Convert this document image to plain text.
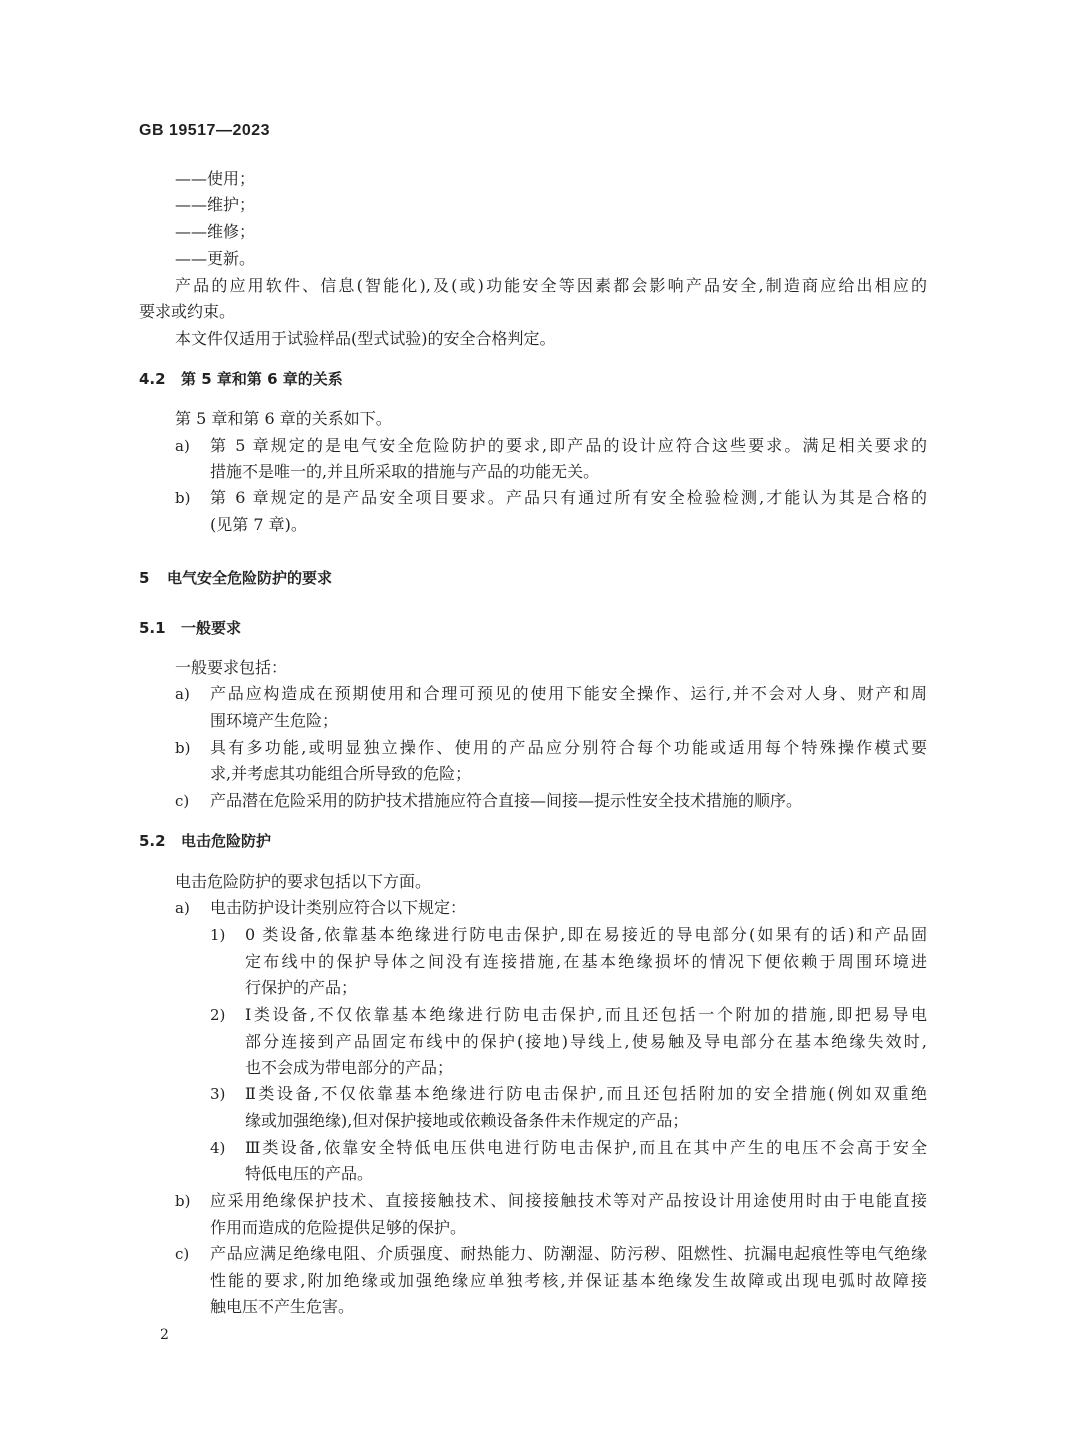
GB 19517—2023
——使用；
——维护；
——维修；
——更新。
产品的应用软件、信息(智能化),及(或)功能安全等因素都会影响产品安全,制造商应给出相应的
要求或约束。
本文件仅适用于试验样品(型式试验)的安全合格判定。
4.2 第 5 章和第 6 章的关系
第 5 章和第 6 章的关系如下。
a) 第 5 章规定的是电气安全危险防护的要求,即产品的设计应符合这些要求。满足相关要求的
措施不是唯一的,并且所采取的措施与产品的功能无关。
b) 第 6 章规定的是产品安全项目要求。产品只有通过所有安全检验检测,才能认为其是合格的
(见第 7 章)。
5 电气安全危险防护的要求
5.1 一般要求
一般要求包括：
a) 产品应构造成在预期使用和合理可预见的使用下能安全操作、运行,并不会对人身、财产和周
围环境产生危险；
b) 具有多功能,或明显独立操作、使用的产品应分别符合每个功能或适用每个特殊操作模式要
求,并考虑其功能组合所导致的危险；
c) 产品潜在危险采用的防护技术措施应符合直接—间接—提示性安全技术措施的顺序。
5.2 电击危险防护
电击危险防护的要求包括以下方面。
a) 电击防护设计类别应符合以下规定：
1) 0 类设备,依靠基本绝缘进行防电击保护,即在易接近的导电部分(如果有的话)和产品固
定布线中的保护导体之间没有连接措施,在基本绝缘损坏的情况下便依赖于周围环境进
行保护的产品；
2) Ⅰ类设备,不仅依靠基本绝缘进行防电击保护,而且还包括一个附加的措施,即把易导电
部分连接到产品固定布线中的保护(接地)导线上,使易触及导电部分在基本绝缘失效时,
也不会成为带电部分的产品；
3) Ⅱ类设备,不仅依靠基本绝缘进行防电击保护,而且还包括附加的安全措施(例如双重绝
缘或加强绝缘),但对保护接地或依赖设备条件未作规定的产品；
4) Ⅲ类设备,依靠安全特低电压供电进行防电击保护,而且在其中产生的电压不会高于安全
特低电压的产品。
b) 应采用绝缘保护技术、直接接触技术、间接接触技术等对产品按设计用途使用时由于电能直接
作用而造成的危险提供足够的保护。
c) 产品应满足绝缘电阻、介质强度、耐热能力、防潮湿、防污秽、阻燃性、抗漏电起痕性等电气绝缘
性能的要求,附加绝缘或加强绝缘应单独考核,并保证基本绝缘发生故障或出现电弧时故障接
触电压不产生危害。
2
